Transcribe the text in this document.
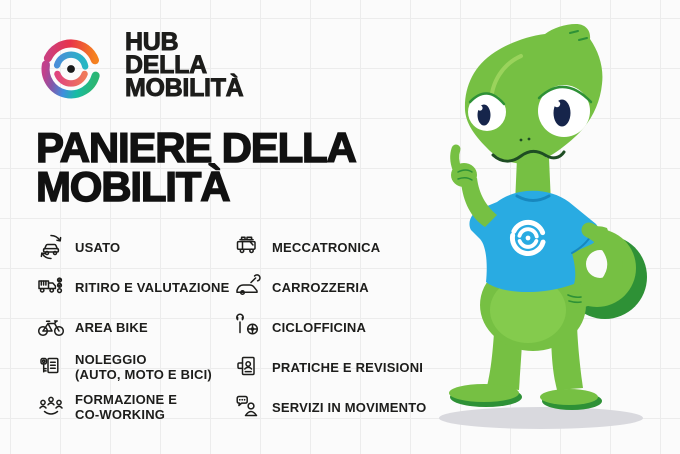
HUB
DELLA
MOBILITÀ
PANIERE DELLA
MOBILITÀ
USATO
RITIRO E VALUTAZIONE
AREA BIKE
NOLEGGIO
(AUTO, MOTO E BICI)
FORMAZIONE E
CO-WORKING
MECCATRONICA
CARROZZERIA
CICLOFFICINA
PRATICHE E REVISIONI
SERVIZI IN MOVIMENTO
